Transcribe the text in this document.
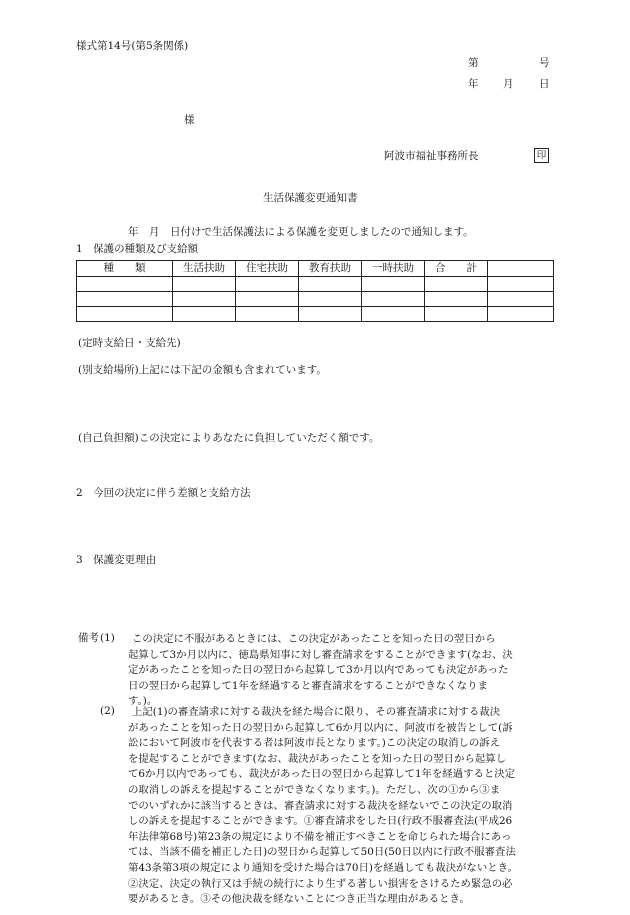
様式第14号(第5条関係)
第	号
年 月 日
様
阿波市福祉事務所長	印
生活保護変更通知書
年　月　日付けで生活保護法による保護を変更しましたので通知します。
1　保護の種類及び支給額
種　　類	生活扶助	住宅扶助	教育扶助	一時扶助	合　　計	

(定時支給日・支給先)
(別支給場所)上記には下記の金額も含まれています。
(自己負担額)この決定によりあなたに負担していただく額です。
2　今回の決定に伴う差額と支給方法
3　保護変更理由
備考 (1)	この決定に不服があるときには、この決定があったことを知った日の翌日から
起算して3か月以内に、徳島県知事に対し審査請求をすることができます(なお、決
定があったことを知った日の翌日から起算して3か月以内であっても決定があった
日の翌日から起算して1年を経過すると審査請求をすることができなくなりま
す。)。
(2)	上記(1)の審査請求に対する裁決を経た場合に限り、その審査請求に対する裁決
があったことを知った日の翌日から起算して6か月以内に、阿波市を被告として(訴
訟において阿波市を代表する者は阿波市長となります。)この決定の取消しの訴え
を提起することができます(なお、裁決があったことを知った日の翌日から起算し
て6か月以内であっても、裁決があった日の翌日から起算して1年を経過すると決定
の取消しの訴えを提起することができなくなります。)。ただし、次の①から③ま
でのいずれかに該当するときは、審査請求に対する裁決を経ないでこの決定の取消
しの訴えを提起することができます。①審査請求をした日(行政不服審査法(平成26
年法律第68号)第23条の規定により不備を補正すべきことを命じられた場合にあっ
ては、当該不備を補正した日)の翌日から起算して50日(50日以内に行政不服審査法
第43条第3項の規定により通知を受けた場合は70日)を経過しても裁決がないとき。
②決定、決定の執行又は手続の続行により生ずる著しい損害をさけるため緊急の必
要があるとき。③その他決裁を経ないことにつき正当な理由があるとき。
